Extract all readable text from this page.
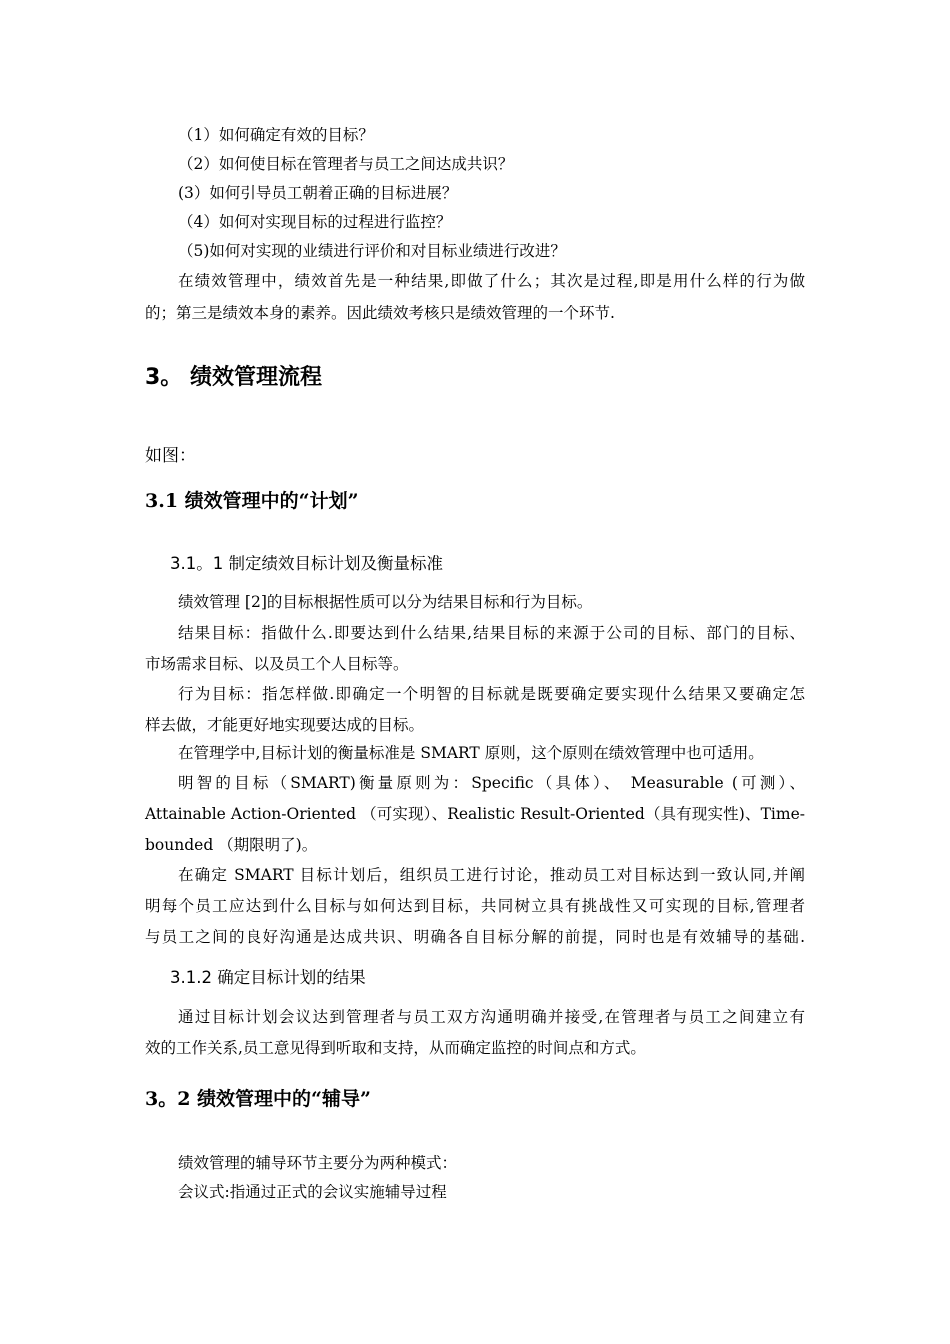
（1）如何确定有效的目标？
（2）如何使目标在管理者与员工之间达成共识？
(3）如何引导员工朝着正确的目标进展？
（4）如何对实现目标的过程进行监控？
（5)如何对实现的业绩进行评价和对目标业绩进行改进？
在绩效管理中，绩效首先是一种结果,即做了什么；其次是过程,即是用什么样的行为做
的；第三是绩效本身的素养。因此绩效考核只是绩效管理的一个环节.
3。 绩效管理流程
如图：
3.1 绩效管理中的“计划”
3.1。1 制定绩效目标计划及衡量标准
绩效管理 [2]的目标根据性质可以分为结果目标和行为目标。
结果目标：指做什么.即要达到什么结果,结果目标的来源于公司的目标、部门的目标、
市场需求目标、以及员工个人目标等。
行为目标：指怎样做.即确定一个明智的目标就是既要确定要实现什么结果又要确定怎
样去做，才能更好地实现要达成的目标。
在管理学中,目标计划的衡量标准是 SMART 原则，这个原则在绩效管理中也可适用。
明智的目标（SMART)衡量原则为：Specific（具体）、 Measurable (可测）、
Attainable Action-Oriented （可实现）、Realistic Result-Oriented（具有现实性)、Time-
bounded （期限明了)。
在确定 SMART 目标计划后，组织员工进行讨论，推动员工对目标达到一致认同,并阐
明每个员工应达到什么目标与如何达到目标，共同树立具有挑战性又可实现的目标,管理者
与员工之间的良好沟通是达成共识、明确各自目标分解的前提，同时也是有效辅导的基础.
3.1.2 确定目标计划的结果
通过目标计划会议达到管理者与员工双方沟通明确并接受,在管理者与员工之间建立有
效的工作关系,员工意见得到听取和支持，从而确定监控的时间点和方式。
3。2 绩效管理中的“辅导”
绩效管理的辅导环节主要分为两种模式：
会议式:指通过正式的会议实施辅导过程
